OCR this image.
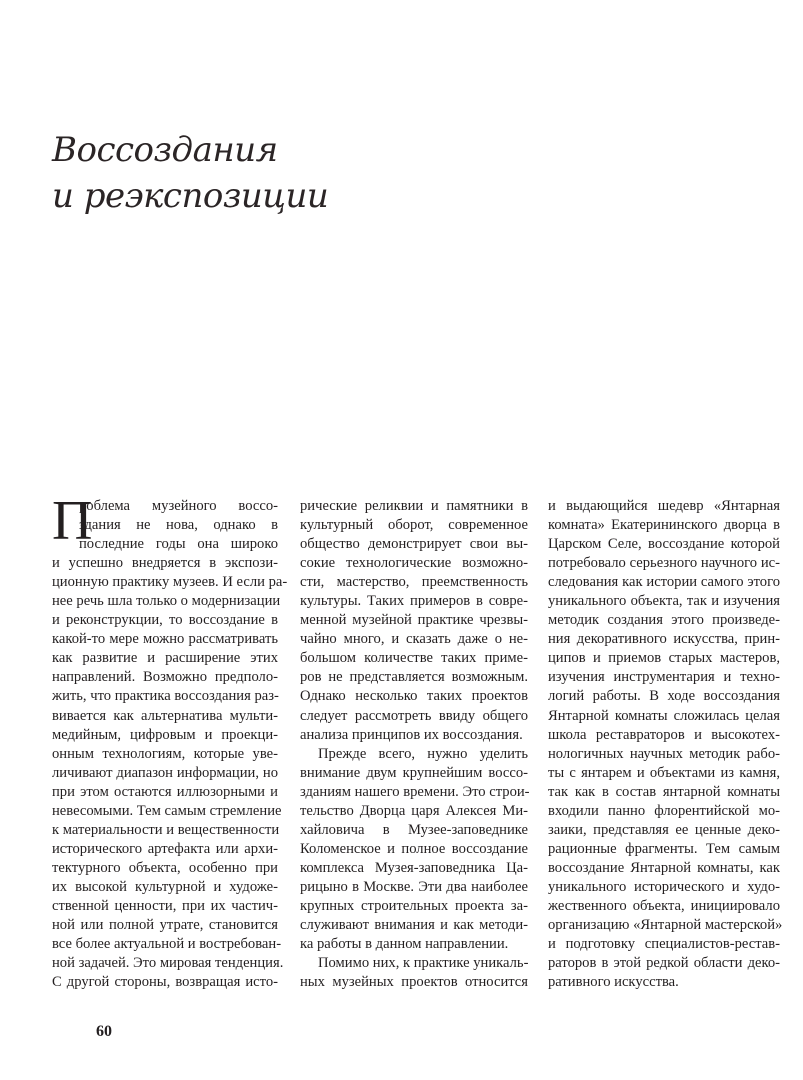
Воссоздания
и реэкспозиции
П
роблема музейного воссо-
здания не нова, однако в
последние годы она широко
и успешно внедряется в экспози-
ционную практику музеев. И если ра-
нее речь шла только о модернизации
и реконструкции, то воссоздание в
какой-то мере можно рассматривать
как развитие и расширение этих
направлений. Возможно предполо-
жить, что практика воссоздания раз-
вивается как альтернатива мульти-
медийным, цифровым и проекци-
онным технологиям, которые уве-
личивают диапазон информации, но
при этом остаются иллюзорными и
невесомыми. Тем самым стремление
к материальности и вещественности
исторического артефакта или архи-
тектурного объекта, особенно при
их высокой культурной и художе-
ственной ценности, при их частич-
ной или полной утрате, становится
все более актуальной и востребован-
ной задачей. Это мировая тенденция.
С другой стороны, возвращая исто-
рические реликвии и памятники в
культурный оборот, современное
общество демонстрирует свои вы-
сокие технологические возможно-
сти, мастерство, преемственность
культуры. Таких примеров в совре-
менной музейной практике чрезвы-
чайно много, и сказать даже о не-
большом количестве таких приме-
ров не представляется возможным.
Однако несколько таких проектов
следует рассмотреть ввиду общего
анализа принципов их воссоздания.
Прежде всего, нужно уделить
внимание двум крупнейшим воссо-
зданиям нашего времени. Это строи-
тельство Дворца царя Алексея Ми-
хайловича в Музее-заповеднике
Коломенское и полное воссоздание
комплекса Музея-заповедника Ца-
рицыно в Москве. Эти два наиболее
крупных строительных проекта за-
служивают внимания и как методи-
ка работы в данном направлении.
Помимо них, к практике уникаль-
ных музейных проектов относится
и выдающийся шедевр «Янтарная
комната» Екатерининского дворца в
Царском Селе, воссоздание которой
потребовало серьезного научного ис-
следования как истории самого этого
уникального объекта, так и изучения
методик создания этого произведе-
ния декоративного искусства, прин-
ципов и приемов старых мастеров,
изучения инструментария и техно-
логий работы. В ходе воссоздания
Янтарной комнаты сложилась целая
школа реставраторов и высокотех-
нологичных научных методик рабо-
ты с янтарем и объектами из камня,
так как в состав янтарной комнаты
входили панно флорентийской мо-
заики, представляя ее ценные деко-
рационные фрагменты. Тем самым
воссоздание Янтарной комнаты, как
уникального исторического и худо-
жественного объекта, инициировало
организацию «Янтарной мастерской»
и подготовку специалистов-рестав-
раторов в этой редкой области деко-
ративного искусства.
60
